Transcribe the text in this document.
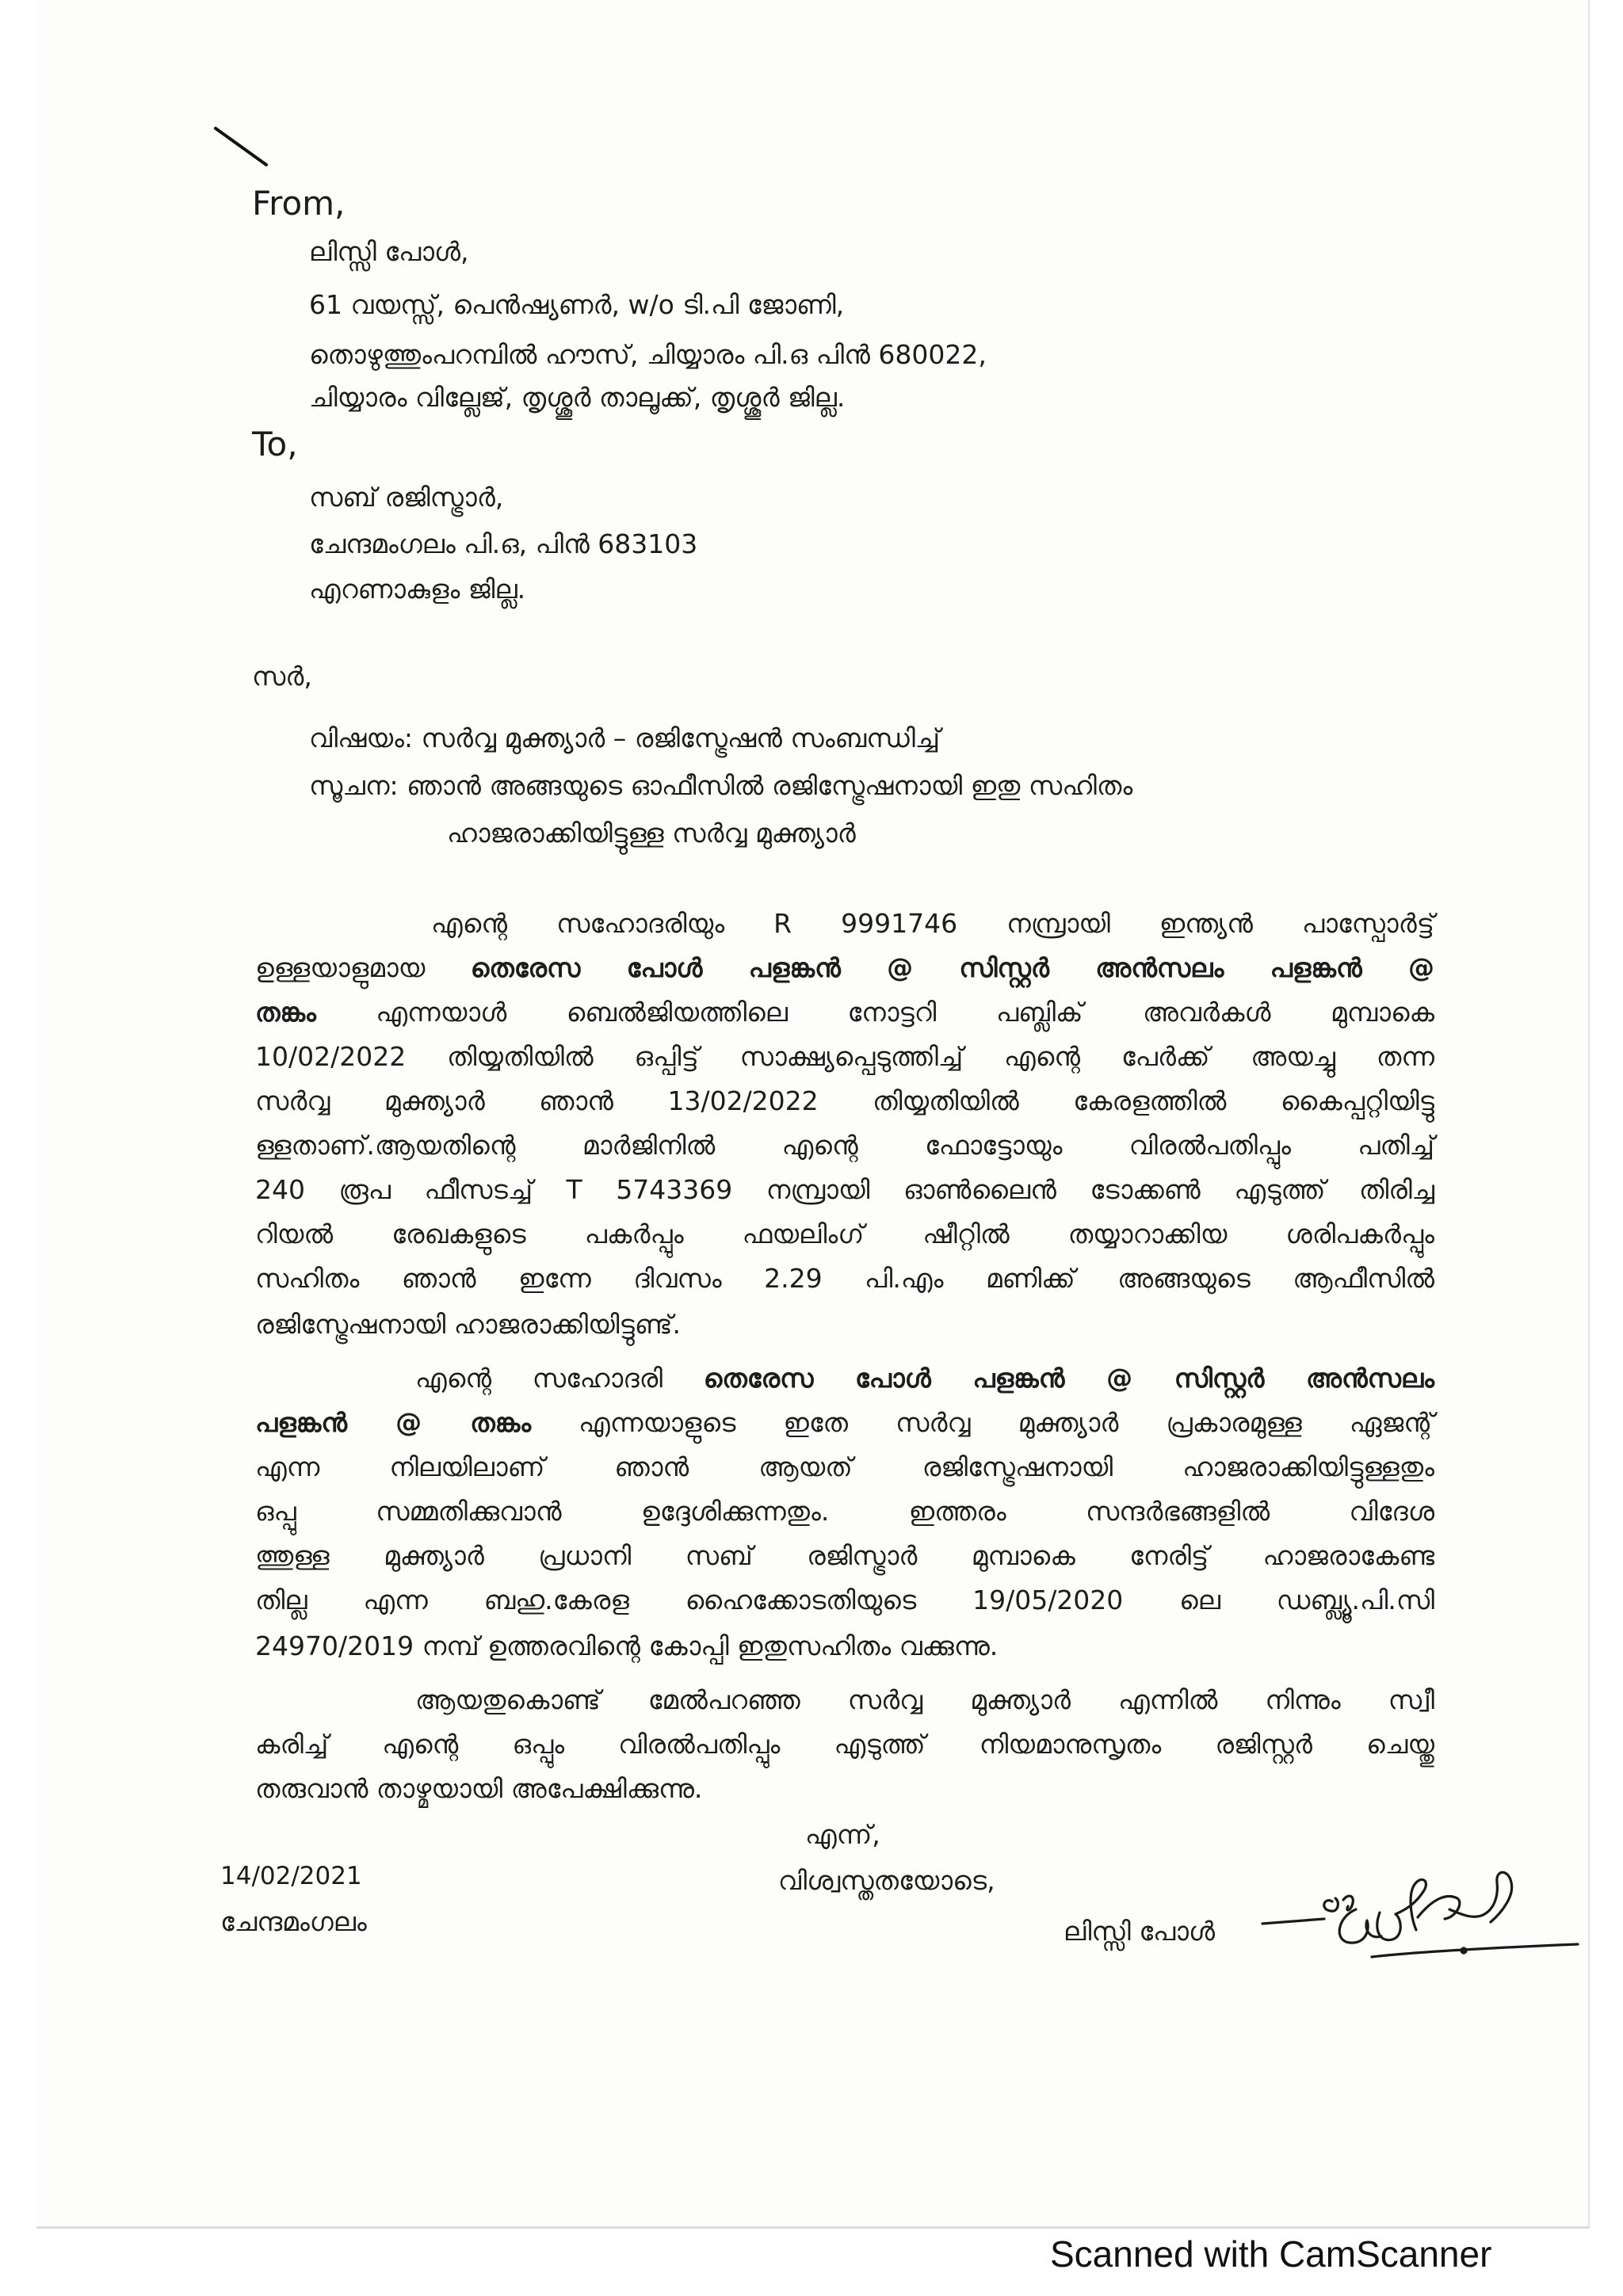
From,
ലിസ്സി പോൾ,
61 വയസ്സ്, പെൻഷ്യണർ, w/o ടി.പി ജോണി,
തൊഴുത്തുംപറമ്പിൽ ഹൗസ്, ചിയ്യാരം പി.ഒ പിൻ 680022,
ചിയ്യാരം വില്ലേജ്, തൃശ്ശൂർ താലൂക്ക്, തൃശ്ശൂർ ജില്ല.
To,
സബ് രജിസ്ട്രാർ,
ചേന്ദമംഗലം പി.ഒ, പിൻ 683103
എറണാകുളം ജില്ല.
സർ,
വിഷയം: സർവ്വ മുക്ത്യാർ – രജിസ്ട്രേഷൻ സംബന്ധിച്ച്
സൂചന: ഞാൻ അങ്ങയുടെ ഓഫീസിൽ രജിസ്ട്രേഷനായി ഇതു സഹിതം
ഹാജരാക്കിയിട്ടുള്ള സർവ്വ മുക്ത്യാർ
എന്റെ സഹോദരിയും R 9991746 നമ്പ്രായി ഇന്ത്യൻ പാസ്പോർട്ട്
ഉള്ളയാളുമായ തെരേസ പോൾ പളങ്കൻ @ സിസ്റ്റർ അൻസലം പളങ്കൻ @
തങ്കം എന്നയാൾ ബെൽജിയത്തിലെ നോട്ടറി പബ്ലിക് അവർകൾ മുമ്പാകെ
10/02/2022 തിയ്യതിയിൽ ഒപ്പിട്ട് സാക്ഷ്യപ്പെടുത്തിച്ച് എന്റെ പേർക്ക് അയച്ചു തന്ന
സർവ്വ മുക്ത്യാർ ഞാൻ 13/02/2022 തിയ്യതിയിൽ കേരളത്തിൽ കൈപ്പറ്റിയിട്ടു
ള്ളതാണ്.ആയതിന്റെ മാർജിനിൽ എന്റെ ഫോട്ടോയും വിരൽപതിപ്പും പതിച്ച്
240 രൂപ ഫീസടച്ച് T 5743369 നമ്പ്രായി ഓൺലൈൻ ടോക്കൺ എടുത്ത് തിരിച്ച
റിയൽ രേഖകളുടെ പകർപ്പും ഫയലിംഗ് ഷീറ്റിൽ തയ്യാറാക്കിയ ശരിപകർപ്പും
സഹിതം ഞാൻ ഇന്നേ ദിവസം 2.29 പി.എം മണിക്ക് അങ്ങയുടെ ആഫീസിൽ
രജിസ്ട്രേഷനായി ഹാജരാക്കിയിട്ടുണ്ട്.
എന്റെ സഹോദരി തെരേസ പോൾ പളങ്കൻ @ സിസ്റ്റർ അൻസലം
പളങ്കൻ @ തങ്കം എന്നയാളുടെ ഇതേ സർവ്വ മുക്ത്യാർ പ്രകാരമുള്ള ഏജന്റ്
എന്ന നിലയിലാണ് ഞാൻ ആയത് രജിസ്ട്രേഷനായി ഹാജരാക്കിയിട്ടുള്ളതും
ഒപ്പു സമ്മതിക്കുവാൻ ഉദ്ദേശിക്കുന്നതും. ഇത്തരം സന്ദർഭങ്ങളിൽ വിദേശ
ത്തുള്ള മുക്ത്യാർ പ്രധാനി സബ് രജിസ്ട്രാർ മുമ്പാകെ നേരിട്ട് ഹാജരാകേണ്ട
തില്ല എന്ന ബഹു.കേരള ഹൈക്കോടതിയുടെ 19/05/2020 ലെ ഡബ്ല്യൂ.പി.സി
24970/2019 നമ്പ് ഉത്തരവിന്റെ കോപ്പി ഇതുസഹിതം വക്കുന്നു.
ആയതുകൊണ്ട് മേൽപറഞ്ഞ സർവ്വ മുക്ത്യാർ എന്നിൽ നിന്നും സ്വീ
കരിച്ച് എന്റെ ഒപ്പും വിരൽപതിപ്പും എടുത്ത് നിയമാനുസൃതം രജിസ്റ്റർ ചെയ്തു
തരുവാൻ താഴ്മയായി അപേക്ഷിക്കുന്നു.
എന്ന്,
വിശ്വസ്തതയോടെ,
ലിസ്സി പോൾ
14/02/2021
ചേന്ദമംഗലം
Scanned with CamScanner
